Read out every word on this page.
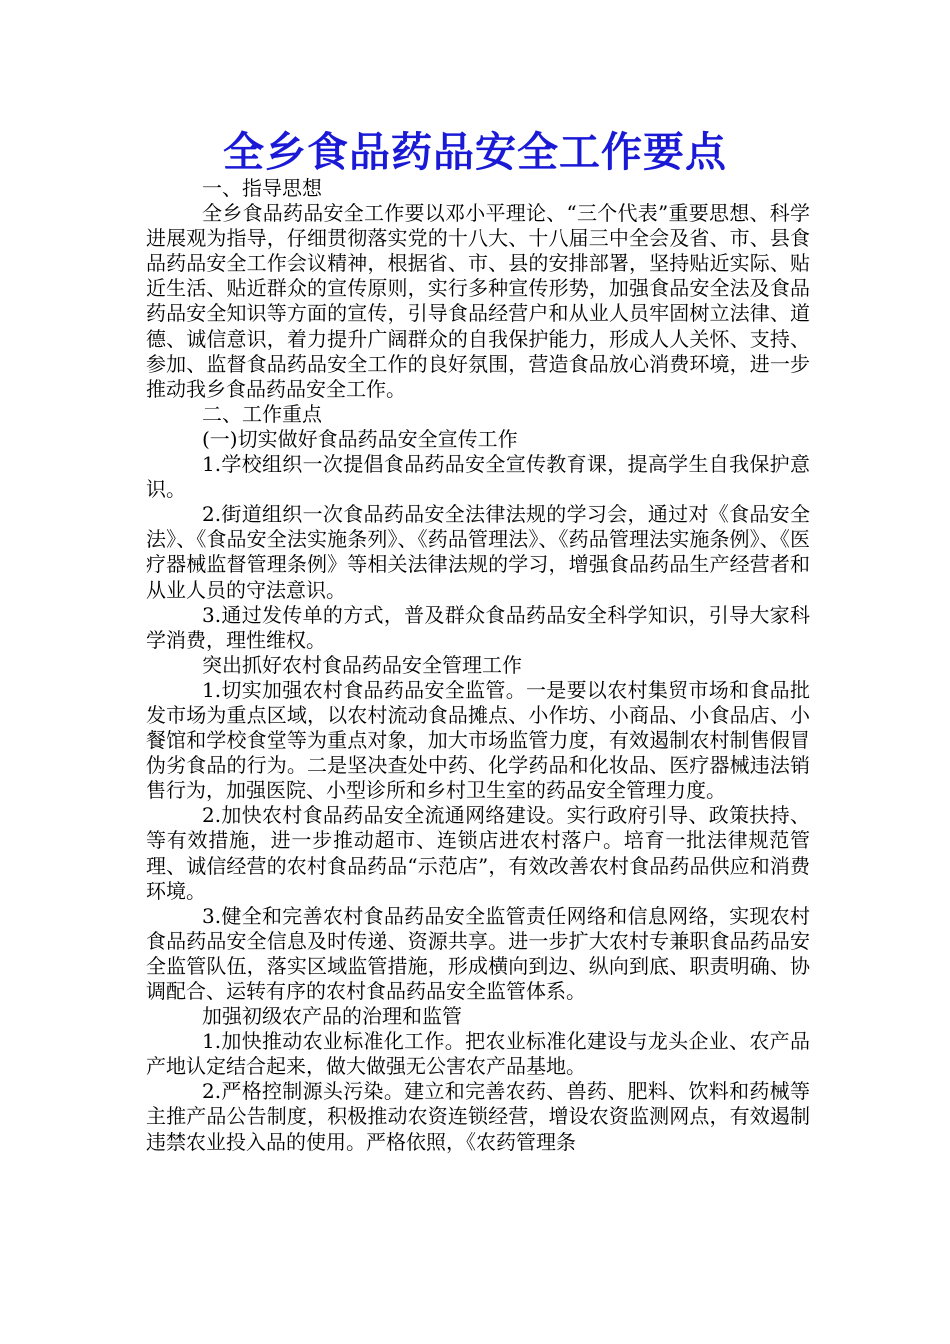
全乡食品药品安全工作要点

一、指导思想

全乡食品药品安全工作要以邓小平理论、“三个代表”重要思想、科学进展观为指导，仔细贯彻落实党的十八大、十八届三中全会及省、市、县食品药品安全工作会议精神，根据省、市、县的安排部署，坚持贴近实际、贴近生活、贴近群众的宣传原则，实行多种宣传形势，加强食品安全法及食品药品安全知识等方面的宣传，引导食品经营户和从业人员牢固树立法律、道德、诚信意识，着力提升广阔群众的自我保护能力，形成人人关怀、支持、参加、监督食品药品安全工作的良好氛围，营造食品放心消费环境，进一步推动我乡食品药品安全工作。

二、工作重点

(一)切实做好食品药品安全宣传工作

1.学校组织一次提倡食品药品安全宣传教育课，提高学生自我保护意识。

2.街道组织一次食品药品安全法律法规的学习会，通过对《食品安全法》、《食品安全法实施条列》、《药品管理法》、《药品管理法实施条例》、《医疗器械监督管理条例》等相关法律法规的学习，增强食品药品生产经营者和从业人员的守法意识。

3.通过发传单的方式，普及群众食品药品安全科学知识，引导大家科学消费，理性维权。

突出抓好农村食品药品安全管理工作

1.切实加强农村食品药品安全监管。一是要以农村集贸市场和食品批发市场为重点区域，以农村流动食品摊点、小作坊、小商品、小食品店、小餐馆和学校食堂等为重点对象，加大市场监管力度，有效遏制农村制售假冒伪劣食品的行为。二是坚决查处中药、化学药品和化妆品、医疗器械违法销售行为，加强医院、小型诊所和乡村卫生室的药品安全管理力度。

2.加快农村食品药品安全流通网络建设。实行政府引导、政策扶持、等有效措施，进一步推动超市、连锁店进农村落户。培育一批法律规范管理、诚信经营的农村食品药品“示范店”，有效改善农村食品药品供应和消费环境。

3.健全和完善农村食品药品安全监管责任网络和信息网络，实现农村食品药品安全信息及时传递、资源共享。进一步扩大农村专兼职食品药品安全监管队伍，落实区域监管措施，形成横向到边、纵向到底、职责明确、协调配合、运转有序的农村食品药品安全监管体系。

加强初级农产品的治理和监管

1.加快推动农业标准化工作。把农业标准化建设与龙头企业、农产品产地认定结合起来，做大做强无公害农产品基地。

2.严格控制源头污染。建立和完善农药、兽药、肥料、饮料和药械等主推产品公告制度，积极推动农资连锁经营，增设农资监测网点，有效遏制违禁农业投入品的使用。严格依照，《农药管理条
